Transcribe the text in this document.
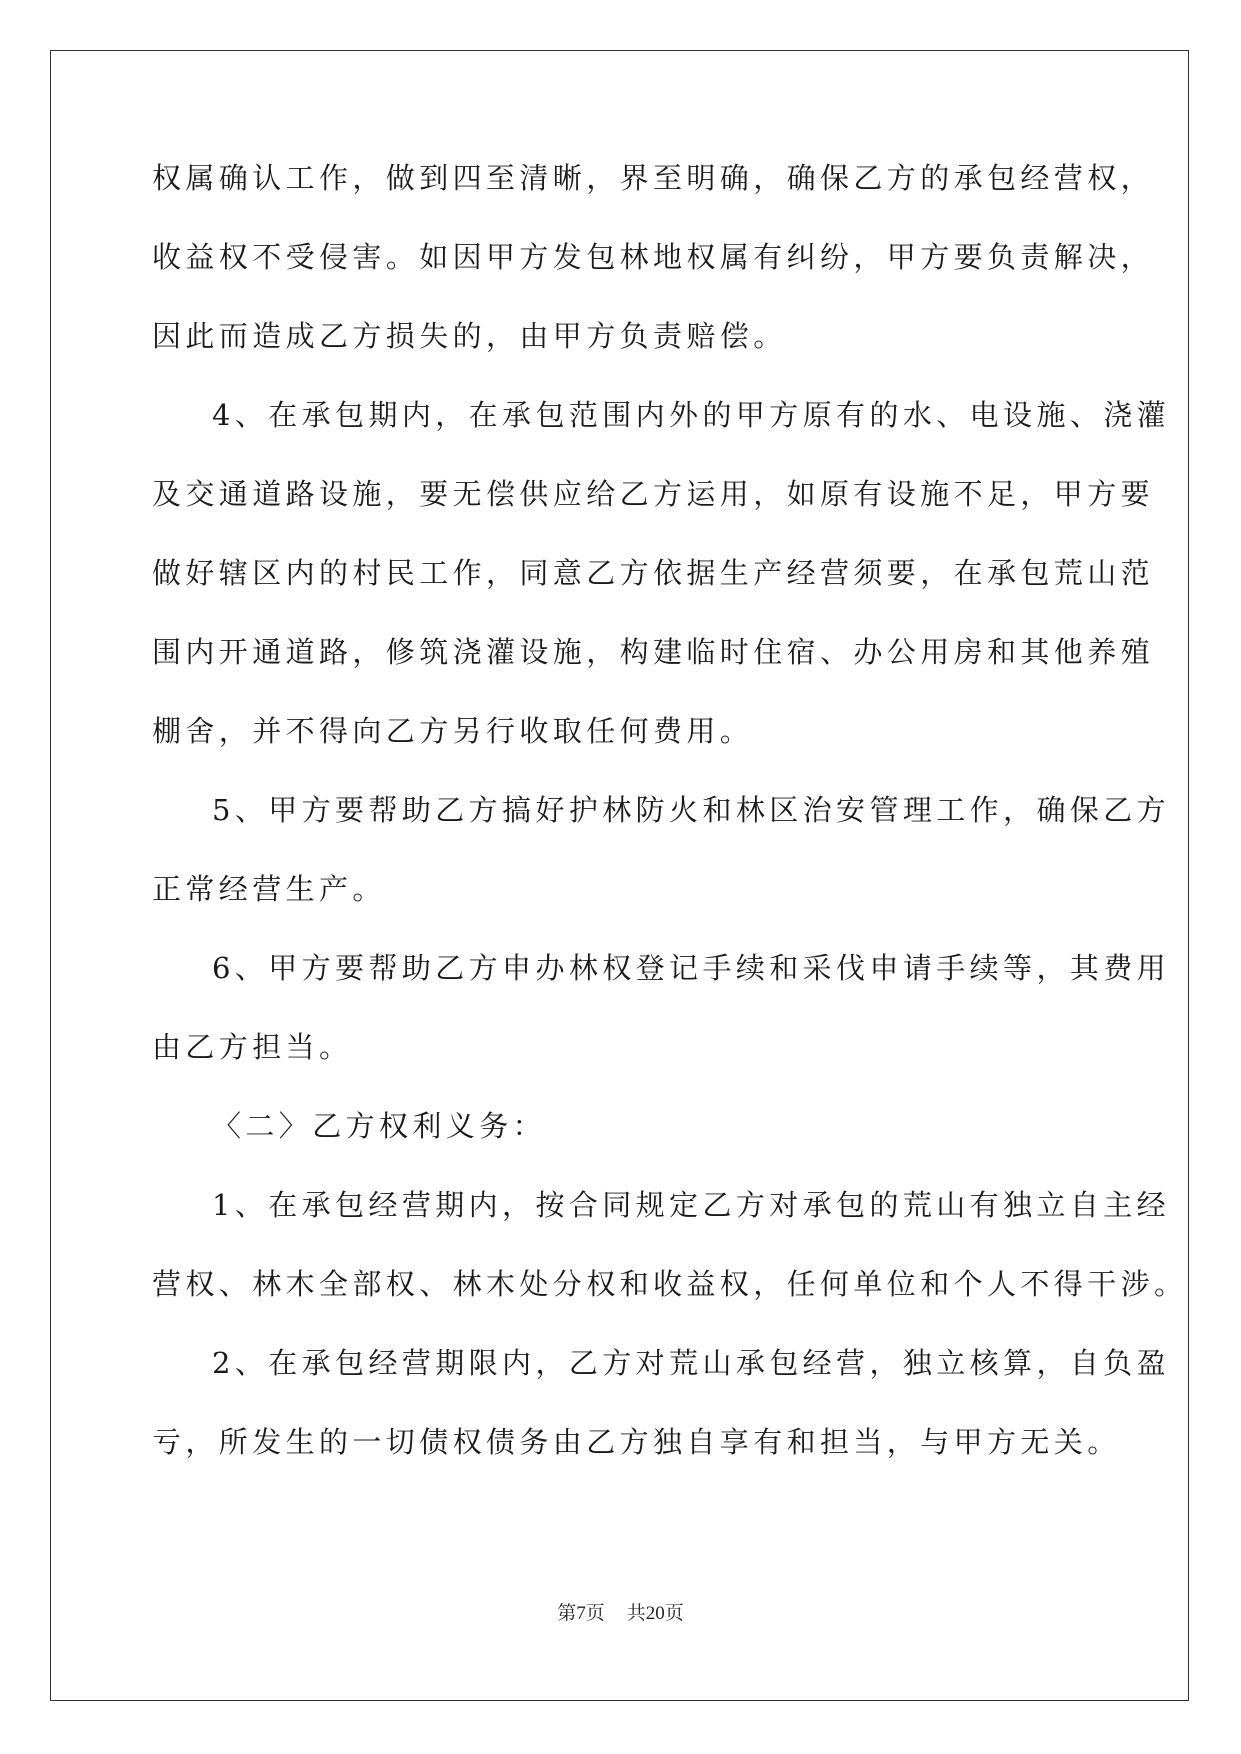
权属确认工作，做到四至清晰，界至明确，确保乙方的承包经营权，
收益权不受侵害。如因甲方发包林地权属有纠纷，甲方要负责解决，
因此而造成乙方损失的，由甲方负责赔偿。
4、在承包期内，在承包范围内外的甲方原有的水、电设施、浇灌
及交通道路设施，要无偿供应给乙方运用，如原有设施不足，甲方要
做好辖区内的村民工作，同意乙方依据生产经营须要，在承包荒山范
围内开通道路，修筑浇灌设施，构建临时住宿、办公用房和其他养殖
棚舍，并不得向乙方另行收取任何费用。
5、甲方要帮助乙方搞好护林防火和林区治安管理工作，确保乙方
正常经营生产。
6、甲方要帮助乙方申办林权登记手续和采伐申请手续等，其费用
由乙方担当。
〈二〉乙方权利义务：
1、在承包经营期内，按合同规定乙方对承包的荒山有独立自主经
营权、林木全部权、林木处分权和收益权，任何单位和个人不得干涉。
2、在承包经营期限内，乙方对荒山承包经营，独立核算，自负盈
亏，所发生的一切债权债务由乙方独自享有和担当，与甲方无关。
第7页 共20页
